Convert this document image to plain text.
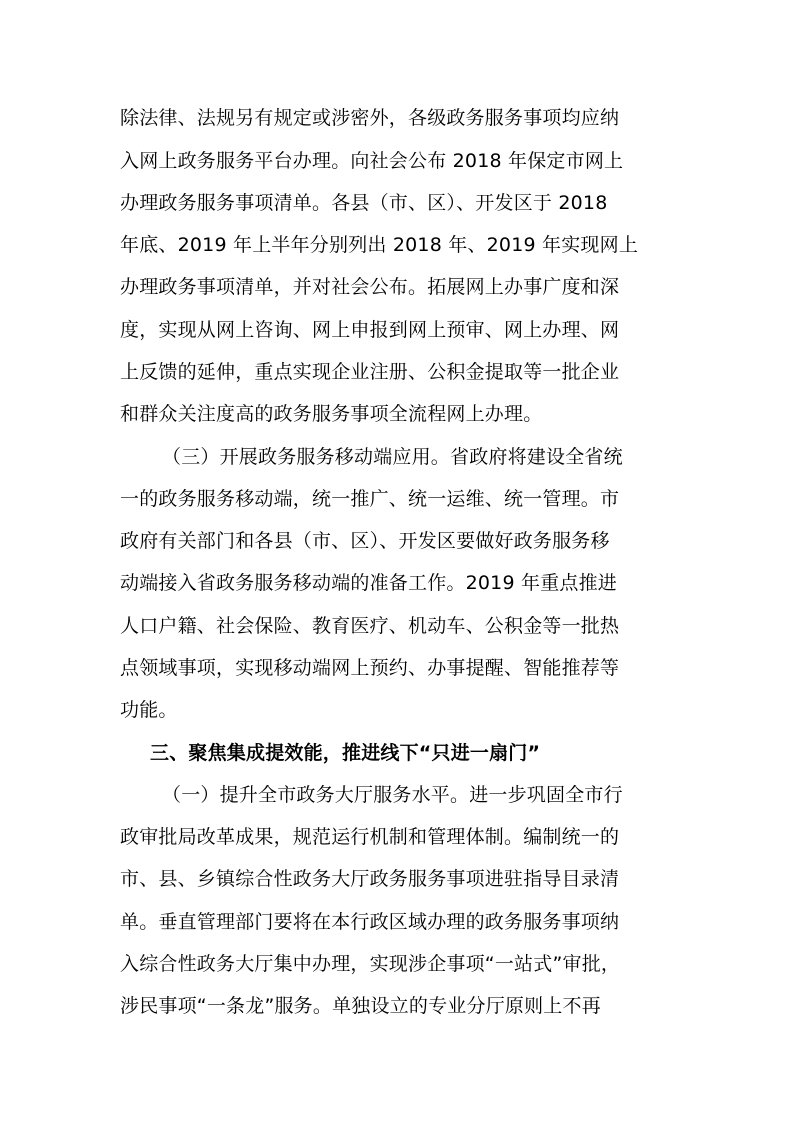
除法律、法规另有规定或涉密外，各级政务服务事项均应纳
入网上政务服务平台办理。向社会公布 2018 年保定市网上
办理政务服务事项清单。各县（市、区）、开发区于 2018
年底、2019 年上半年分别列出 2018 年、2019 年实现网上
办理政务事项清单，并对社会公布。拓展网上办事广度和深
度，实现从网上咨询、网上申报到网上预审、网上办理、网
上反馈的延伸，重点实现企业注册、公积金提取等一批企业
和群众关注度高的政务服务事项全流程网上办理。
（三）开展政务服务移动端应用。省政府将建设全省统
一的政务服务移动端，统一推广、统一运维、统一管理。市
政府有关部门和各县（市、区）、开发区要做好政务服务移
动端接入省政务服务移动端的准备工作。2019 年重点推进
人口户籍、社会保险、教育医疗、机动车、公积金等一批热
点领域事项，实现移动端网上预约、办事提醒、智能推荐等
功能。
三、聚焦集成提效能，推进线下“只进一扇门”
（一）提升全市政务大厅服务水平。进一步巩固全市行
政审批局改革成果，规范运行机制和管理体制。编制统一的
市、县、乡镇综合性政务大厅政务服务事项进驻指导目录清
单。垂直管理部门要将在本行政区域办理的政务服务事项纳
入综合性政务大厅集中办理，实现涉企事项“一站式”审批，
涉民事项“一条龙”服务。单独设立的专业分厅原则上不再
